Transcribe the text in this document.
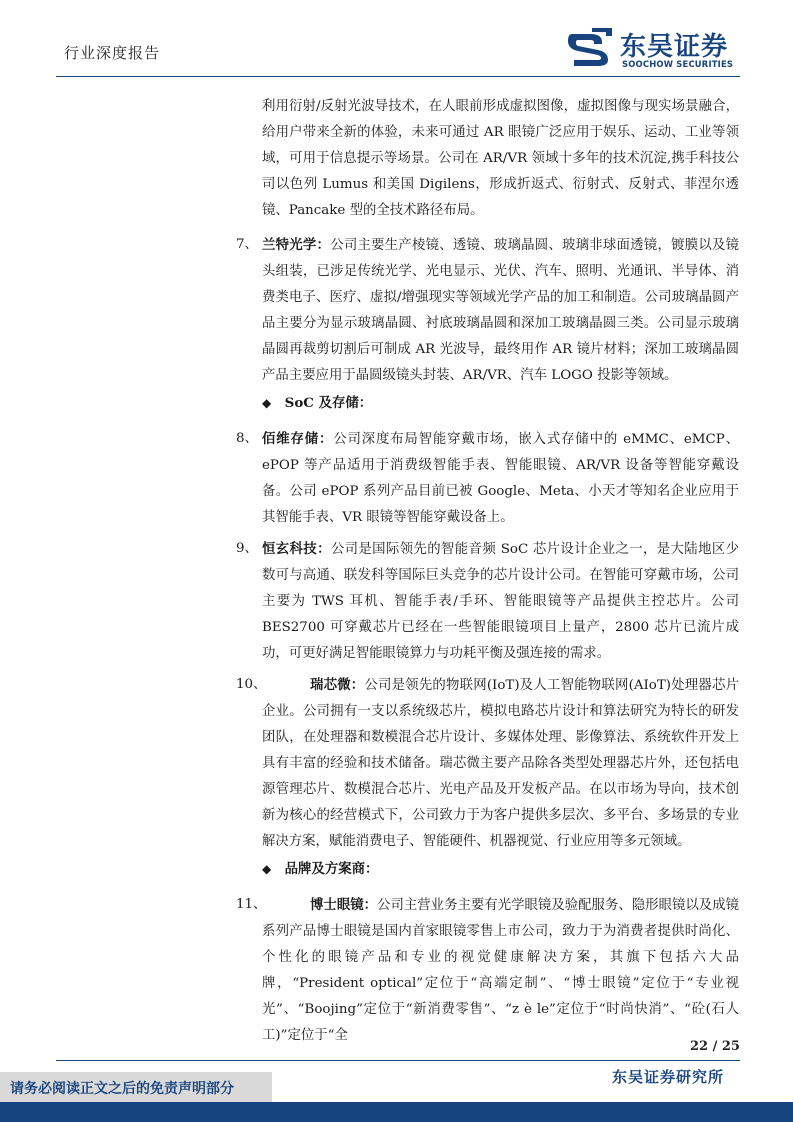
行业深度报告	东吴证券
SOOCHOW SECURITIES
利用衍射/反射光波导技术，在人眼前形成虚拟图像，虚拟图像与现实场景融合，给用户带来全新的体验，未来可通过 AR 眼镜广泛应用于娱乐、运动、工业等领域，可用于信息提示等场景。公司在 AR/VR 领域十多年的技术沉淀,携手科技公司以色列 Lumus 和美国 Digilens，形成折返式、衍射式、反射式、菲涅尔透镜、Pancake 型的全技术路径布局。
7、 兰特光学：公司主要生产棱镜、透镜、玻璃晶圆、玻璃非球面透镜，镀膜以及镜头组装，已涉足传统光学、光电显示、光伏、汽车、照明、光通讯、半导体、消费类电子、医疗、虚拟/增强现实等领域光学产品的加工和制造。公司玻璃晶圆产品主要分为显示玻璃晶圆、衬底玻璃晶圆和深加工玻璃晶圆三类。公司显示玻璃晶圆再裁剪切割后可制成 AR 光波导，最终用作 AR 镜片材料；深加工玻璃晶圆产品主要应用于晶圆级镜头封装、AR/VR、汽车 LOGO 投影等领域。
◆ SoC 及存储：
8、 佰维存储：公司深度布局智能穿戴市场，嵌入式存储中的 eMMC、eMCP、ePOP 等产品适用于消费级智能手表、智能眼镜、AR/VR 设备等智能穿戴设备。公司 ePOP 系列产品目前已被 Google、Meta、小天才等知名企业应用于其智能手表、VR 眼镜等智能穿戴设备上。
9、 恒玄科技：公司是国际领先的智能音频 SoC 芯片设计企业之一，是大陆地区少数可与高通、联发科等国际巨头竞争的芯片设计公司。在智能可穿戴市场，公司主要为 TWS 耳机、智能手表/手环、智能眼镜等产品提供主控芯片。公司 BES2700 可穿戴芯片已经在一些智能眼镜项目上量产，2800 芯片已流片成功，可更好满足智能眼镜算力与功耗平衡及强连接的需求。
10、	瑞芯微：公司是领先的物联网(IoT)及人工智能物联网(AIoT)处理器芯片企业。公司拥有一支以系统级芯片，模拟电路芯片设计和算法研究为特长的研发团队，在处理器和数模混合芯片设计、多媒体处理、影像算法、系统软件开发上具有丰富的经验和技术储备。瑞芯微主要产品除各类型处理器芯片外，还包括电源管理芯片、数模混合芯片、光电产品及开发板产品。在以市场为导向，技术创新为核心的经营模式下，公司致力于为客户提供多层次、多平台、多场景的专业解决方案，赋能消费电子、智能硬件、机器视觉、行业应用等多元领域。
◆ 品牌及方案商：
11、	博士眼镜：公司主营业务主要有光学眼镜及验配服务、隐形眼镜以及成镜系列产品博士眼镜是国内首家眼镜零售上市公司，致力于为消费者提供时尚化、个性化的眼镜产品和专业的视觉健康解决方案，其旗下包括六大品牌，“President optical”定位于“高端定制”、“博士眼镜”定位于“专业视光”、“Boojing”定位于“新消费零售”、“z è le”定位于“时尚快消”、“砼(石人工)”定位于“全
22 / 25
东吴证券研究所
请务必阅读正文之后的免责声明部分
